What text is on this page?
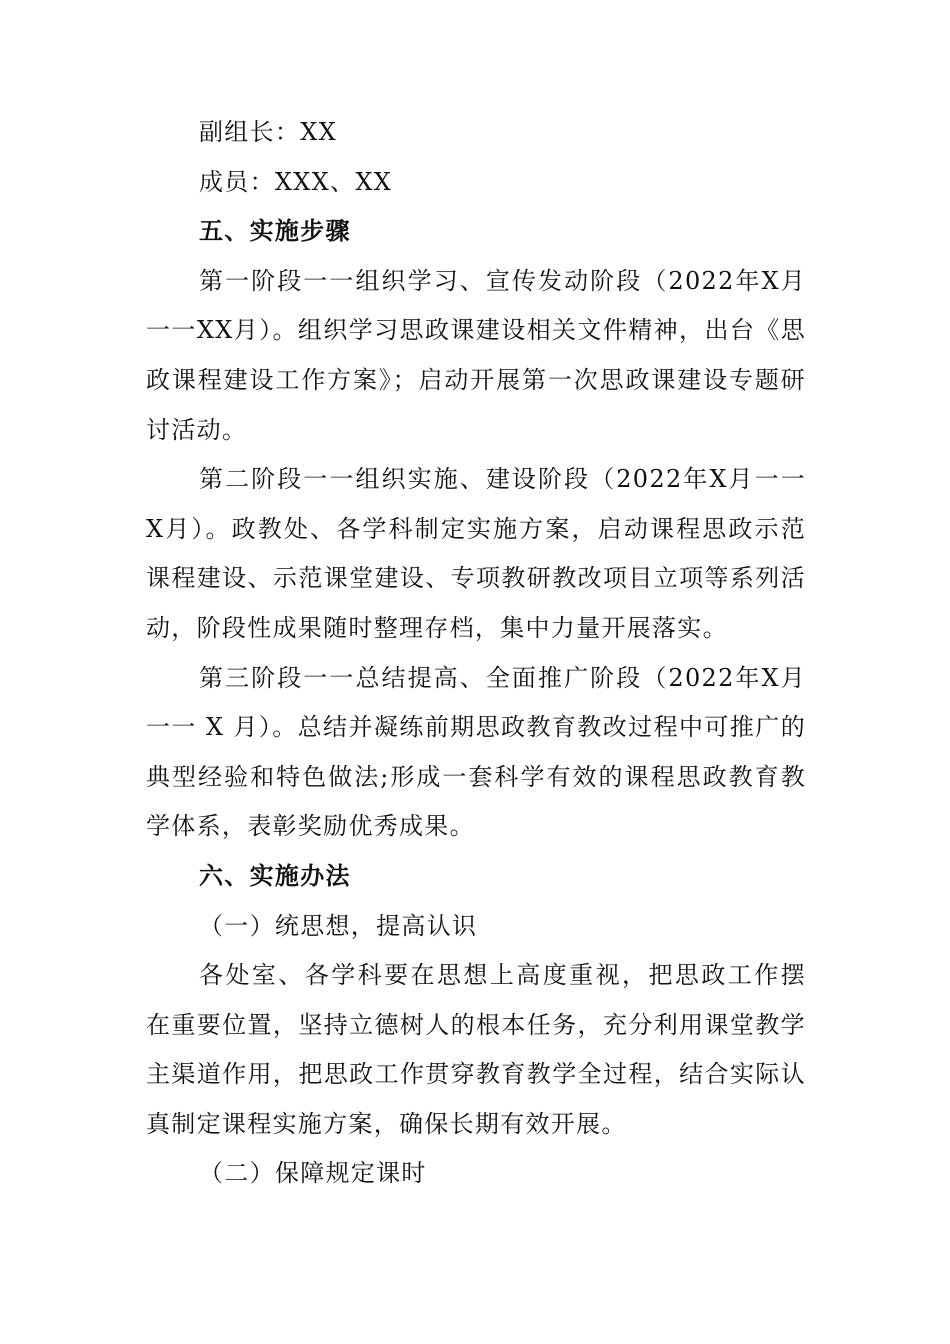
副组长：XX

成员：XXX、XX

五、实施步骤

第一阶段一一组织学习、宣传发动阶段（2022年X月一一XX月）。组织学习思政课建设相关文件精神，出台《思政课程建设工作方案》；启动开展第一次思政课建设专题研讨活动。

第二阶段一一组织实施、建设阶段（2022年X月一一X月）。政教处、各学科制定实施方案，启动课程思政示范课程建设、示范课堂建设、专项教研教改项目立项等系列活动，阶段性成果随时整理存档，集中力量开展落实。

第三阶段一一总结提高、全面推广阶段（2022年X月一一 X 月）。总结并凝练前期思政教育教改过程中可推广的典型经验和特色做法;形成一套科学有效的课程思政教育教学体系，表彰奖励优秀成果。

六、实施办法

（一）统思想，提高认识

各处室、各学科要在思想上高度重视，把思政工作摆在重要位置，坚持立德树人的根本任务，充分利用课堂教学主渠道作用，把思政工作贯穿教育教学全过程，结合实际认真制定课程实施方案，确保长期有效开展。

（二）保障规定课时
